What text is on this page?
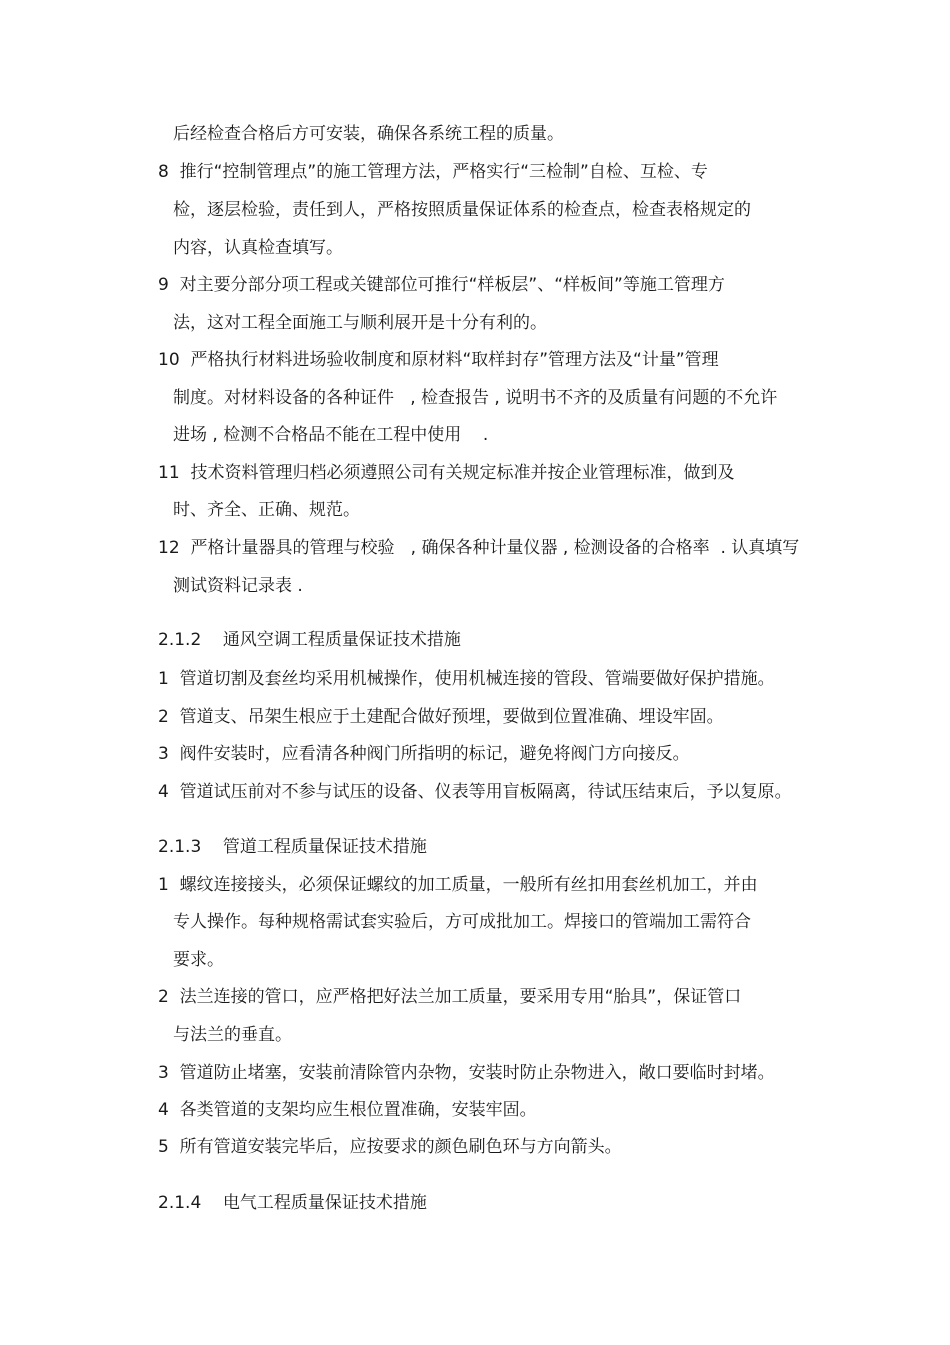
后经检查合格后方可安装，确保各系统工程的质量。
8  推行“控制管理点”的施工管理方法，严格实行“三检制”自检、互检、专
检，逐层检验，责任到人，严格按照质量保证体系的检查点，检查表格规定的
内容，认真检查填写。
9  对主要分部分项工程或关键部位可推行“样板层”、“样板间”等施工管理方
法，这对工程全面施工与顺利展开是十分有利的。
10  严格执行材料进场验收制度和原材料“取样封存”管理方法及“计量”管理
制度。对材料设备的各种证件   , 检查报告 , 说明书不齐的及质量有问题的不允许
进场 , 检测不合格品不能在工程中使用    .
11  技术资料管理归档必须遵照公司有关规定标准并按企业管理标准，做到及
时、齐全、正确、规范。
12  严格计量器具的管理与校验   , 确保各种计量仪器 , 检测设备的合格率  . 认真填写
测试资料记录表 .
2.1.2    通风空调工程质量保证技术措施
1  管道切割及套丝均采用机械操作，使用机械连接的管段、管端要做好保护措施。
2  管道支、吊架生根应于土建配合做好预埋，要做到位置准确、埋设牢固。
3  阀件安装时，应看清各种阀门所指明的标记，避免将阀门方向接反。
4  管道试压前对不参与试压的设备、仪表等用盲板隔离，待试压结束后，予以复原。
2.1.3    管道工程质量保证技术措施
1  螺纹连接接头，必须保证螺纹的加工质量，一般所有丝扣用套丝机加工，并由
专人操作。每种规格需试套实验后，方可成批加工。焊接口的管端加工需符合
要求。
2  法兰连接的管口，应严格把好法兰加工质量，要采用专用“胎具”，保证管口
与法兰的垂直。
3  管道防止堵塞，安装前清除管内杂物，安装时防止杂物进入，敞口要临时封堵。
4  各类管道的支架均应生根位置准确，安装牢固。
5  所有管道安装完毕后，应按要求的颜色刷色环与方向箭头。
2.1.4    电气工程质量保证技术措施
